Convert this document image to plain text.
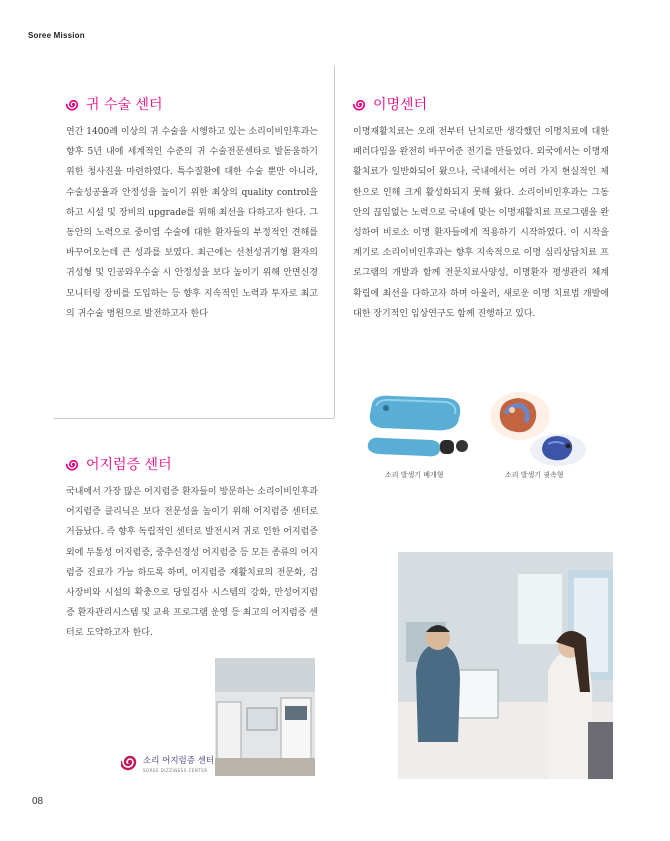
Soree Mission
귀 수술 센터

연간 1400례 이상의 귀 수술을 시행하고 있는 소리이비인후과는 향후 5년 내에 세계적인 수준의 귀 수술전문센타로 발돋움하기 위한 청사진을 마련하였다. 특수질환에 대한 수술 뿐만 아니라, 수술성공율과 안정성을 높이기 위한 최상의 quality control을 하고 시설 및 장비의 upgrade를 위해 최선을 다하고자 한다. 그동안의 노력으로 중이염 수술에 대한 환자들의 부정적인 견해를 바꾸어오는데 큰 성과를 보였다. 최근에는 선천성귀기형 환자의 귀성형 및 인공와우수술 시 안정성을 보다 높이기 위해 안면신경 모니터링 장비를 도입하는 등 향후 지속적인 노력과 투자로 최고의 귀수술 병원으로 발전하고자 한다

이명센터

이명재활치료는 오래 전부터 난치로만 생각했던 이명치료에 대한 패러다임을 완전히 바꾸어준 전기를 만들었다. 외국에서는 이명재활치료가 일반화되어 왔으나, 국내에서는 여러 가지 현실적인 제한으로 인해 크게 활성화되지 못해 왔다. 소리이비인후과는 그동안의 끊임없는 노력으로 국내에 맞는 이명재활치료 프로그램을 완성하여 비로소 이명 환자들에게 적용하기 시작하였다. 이 시작을 계기로 소리이비인후과는 향후 지속적으로 이명 심리상담치료 프로그램의 개발과 함께 전문치료사양성, 이명환자 평생관리 체계 확립에 최선을 다하고자 하며 아울러, 새로운 이명 치료법 개발에 대한 장기적인 임상연구도 함께 진행하고 있다.

어지럼증 센터

국내에서 가장 많은 어지럼증 환자들이 방문하는 소리이비인후과 어지럼증 클리닉은 보다 전문성을 높이기 위해 어지럼증 센터로 거듭났다. 즉 향후 독립적인 센터로 발전시켜 귀로 인한 어지럼증 외에 두통성 어지럼증, 중추신경성 어지럼증 등 모든 종류의 어지럼증 진료가 가능 하도록 하며, 어지럼증 재활치료의 전문화, 검사장비와 시설의 확충으로 당일검사 시스템의 강화, 만성어지럼증 환자관리시스템 및 교육 프로그램 운영 등 최고의 어지럼증 센터로 도약하고자 한다.

소리 발생기 베개형	소리 발생기 귓속형
소리 어지럼증 센터
SOREE DIZZINESS CENTER
08
